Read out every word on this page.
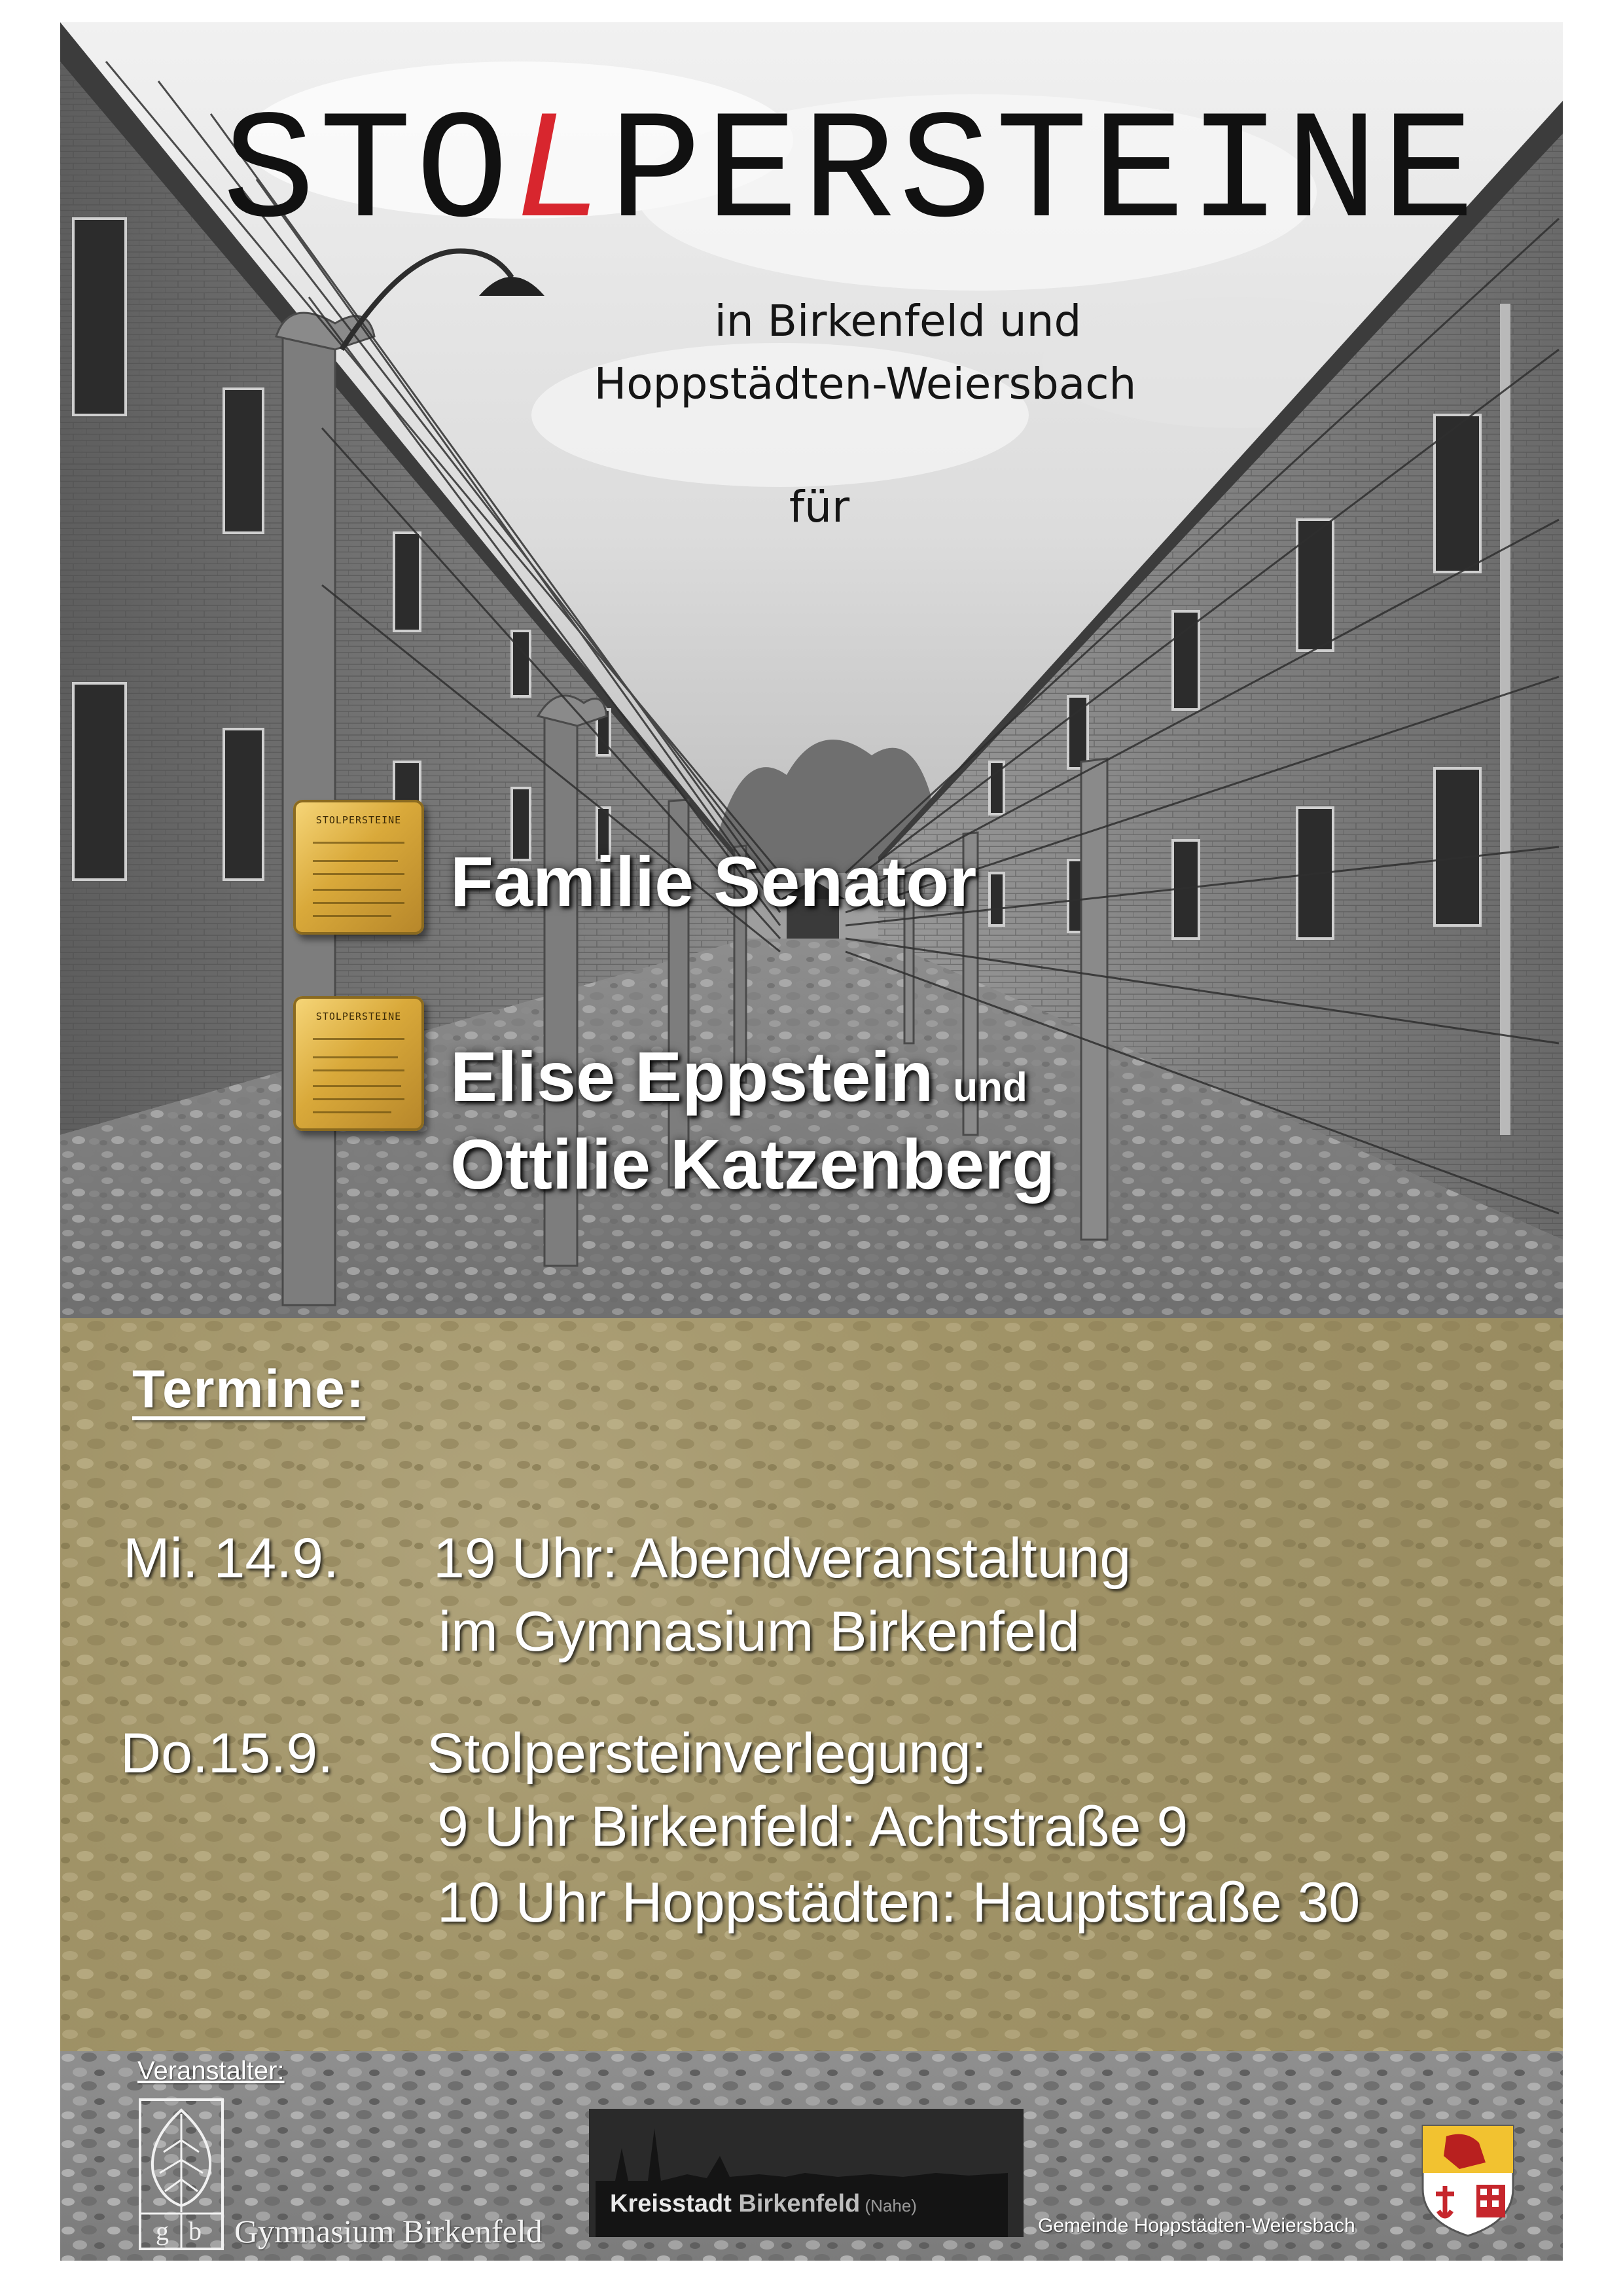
STOLPERSTEINE
in Birkenfeld und
Hoppstädten-Weiersbach
für
STOLPERSTEINE
STOLPERSTEINE
Familie Senator
Elise Eppstein und
Ottilie Katzenberg
Termine:
Mi. 14.9. 19 Uhr: Abendveranstaltung
im Gymnasium Birkenfeld
Do.15.9. Stolpersteinverlegung:
9 Uhr Birkenfeld: Achtstraße 9
10 Uhr Hoppstädten: Hauptstraße 30
Veranstalter:
g b Gymnasium Birkenfeld
Kreisstadt Birkenfeld (Nahe)
Gemeinde Hoppstädten-Weiersbach
